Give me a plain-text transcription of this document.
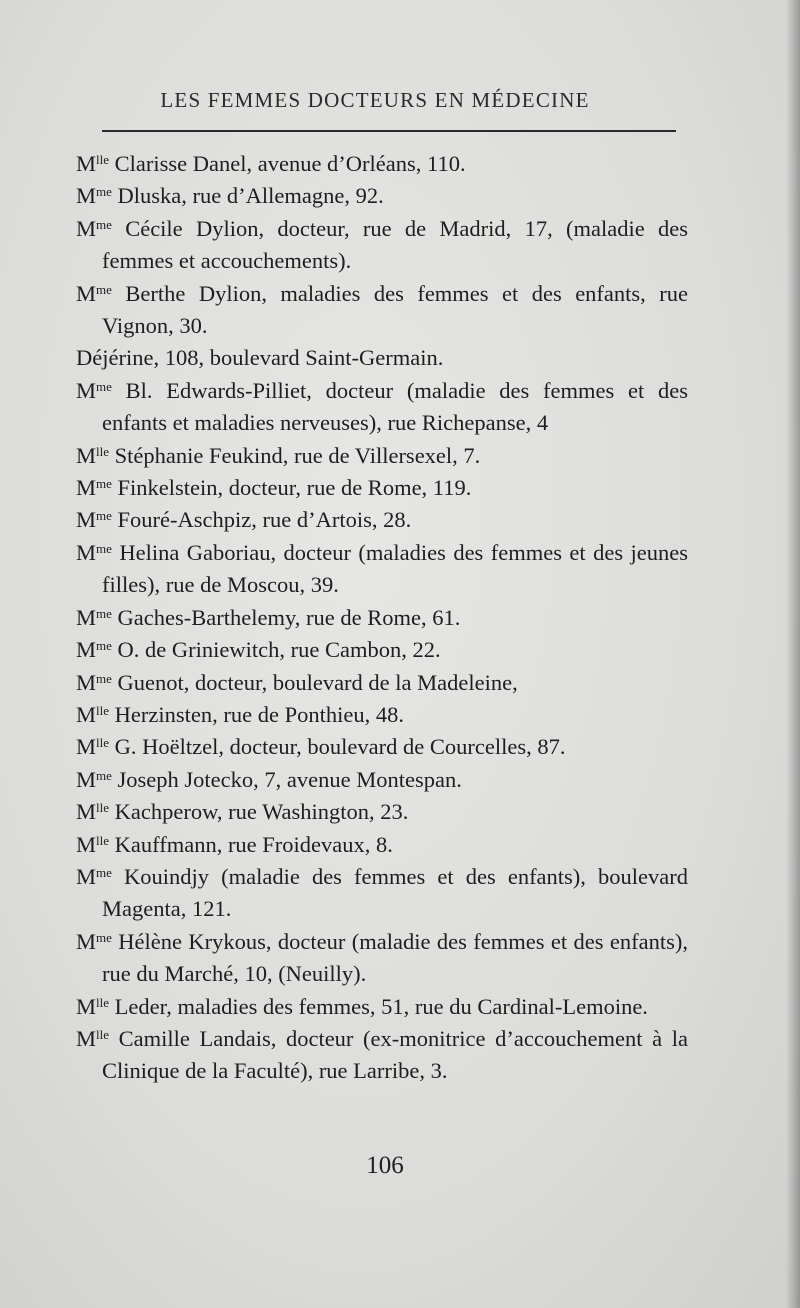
LES FEMMES DOCTEURS EN MÉDECINE
$M^{lle}$ Clarisse Danel, avenue d’Orléans, 110.
$M^{me}$ Dluska, rue d’Allemagne, 92.
$M^{me}$ Cécile Dylion, docteur, rue de Madrid, 17, (maladie des femmes et accouchements).
$M^{me}$ Berthe Dylion, maladies des femmes et des enfants, rue Vignon, 30.
Déjérine, 108, boulevard Saint-Germain.
$M^{me}$ Bl. Edwards-Pilliet, docteur (maladie des femmes et des enfants et maladies nerveuses), rue Richepanse, 4
$M^{lle}$ Stéphanie Feukind, rue de Villersexel, 7.
$M^{me}$ Finkelstein, docteur, rue de Rome, 119.
$M^{me}$ Fouré-Aschpiz, rue d’Artois, 28.
$M^{me}$ Helina Gaboriau, docteur (maladies des femmes et des jeunes filles), rue de Moscou, 39.
$M^{me}$ Gaches-Barthelemy, rue de Rome, 61.
$M^{me}$ O. de Griniewitch, rue Cambon, 22.
$M^{me}$ Guenot, docteur, boulevard de la Madeleine,
$M^{lle}$ Herzinsten, rue de Ponthieu, 48.
$M^{lle}$ G. Hoëltzel, docteur, boulevard de Courcelles, 87.
$M^{me}$ Joseph Jotecko, 7, avenue Montespan.
$M^{lle}$ Kachperow, rue Washington, 23.
$M^{lle}$ Kauffmann, rue Froidevaux, 8.
$M^{me}$ Kouindjy (maladie des femmes et des enfants), boulevard Magenta, 121.
$M^{me}$ Hélène Krykous, docteur (maladie des femmes et des enfants), rue du Marché, 10, (Neuilly).
$M^{lle}$ Leder, maladies des femmes, 51, rue du Cardinal-Lemoine.
$M^{lle}$ Camille Landais, docteur (ex-monitrice d’accouchement à la Clinique de la Faculté), rue Larribe, 3.
106
